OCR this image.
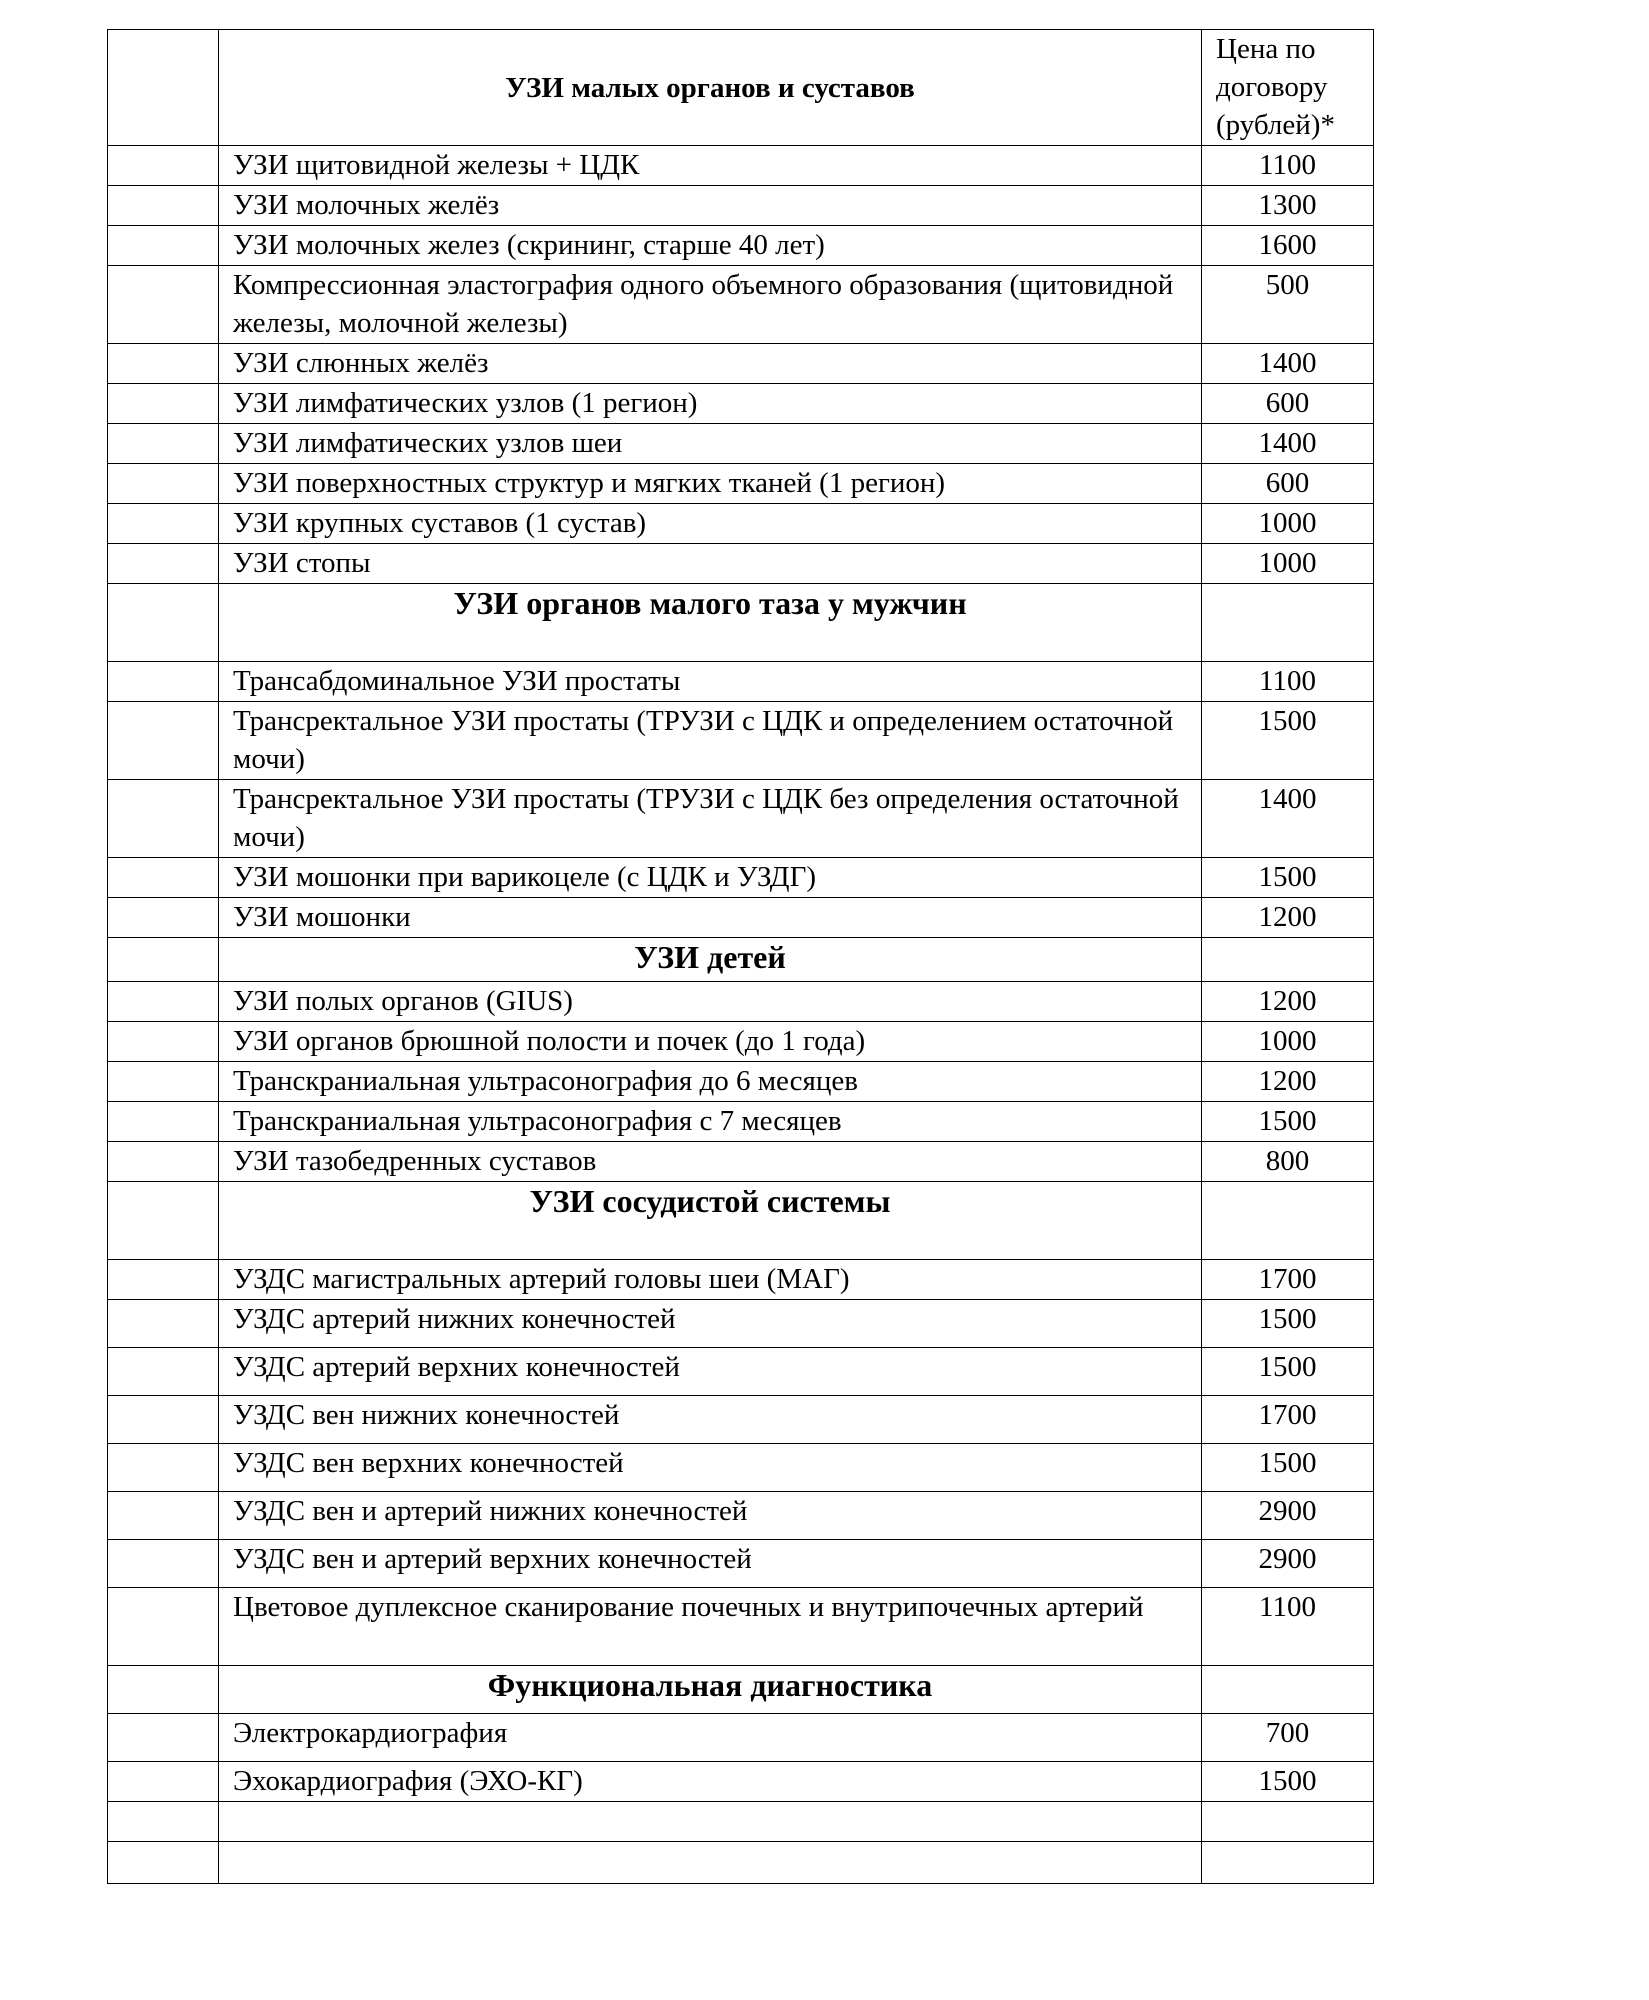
	УЗИ малых органов и суставов	Цена по договору (рублей)*
	УЗИ щитовидной железы + ЦДК	1100
	УЗИ молочных желёз	1300
	УЗИ молочных желез (скрининг, старше 40 лет)	1600
	Компрессионная эластография одного объемного образования (щитовидной железы, молочной железы)	500
	УЗИ слюнных желёз	1400
	УЗИ лимфатических узлов (1 регион)	600
	УЗИ лимфатических узлов шеи	1400
	УЗИ поверхностных структур и мягких тканей (1 регион)	600
	УЗИ крупных суставов (1 сустав)	1000
	УЗИ стопы	1000
	УЗИ органов малого таза у мужчин	
	Трансабдоминальное УЗИ простаты	1100
	Трансректальное УЗИ простаты (ТРУЗИ с ЦДК и определением остаточной мочи)	1500
	Трансректальное УЗИ простаты (ТРУЗИ с ЦДК без определения остаточной мочи)	1400
	УЗИ мошонки при варикоцеле (с ЦДК и УЗДГ)	1500
	УЗИ мошонки	1200
	УЗИ детей	
	УЗИ полых органов (GIUS)	1200
	УЗИ органов брюшной полости и почек (до 1 года)	1000
	Транскраниальная ультрасонография до 6 месяцев	1200
	Транскраниальная ультрасонография с 7 месяцев	1500
	УЗИ тазобедренных суставов	800
	УЗИ сосудистой системы	
	УЗДС магистральных артерий головы шеи (МАГ)	1700
	УЗДС артерий нижних конечностей	1500
	УЗДС артерий верхних конечностей	1500
	УЗДС вен нижних конечностей	1700
	УЗДС вен верхних конечностей	1500
	УЗДС вен и артерий нижних конечностей	2900
	УЗДС вен и артерий верхних конечностей	2900
	Цветовое дуплексное сканирование почечных и внутрипочечных артерий	1100
	Функциональная диагностика	
	Электрокардиография	700
	Эхокардиография (ЭХО-КГ)	1500
